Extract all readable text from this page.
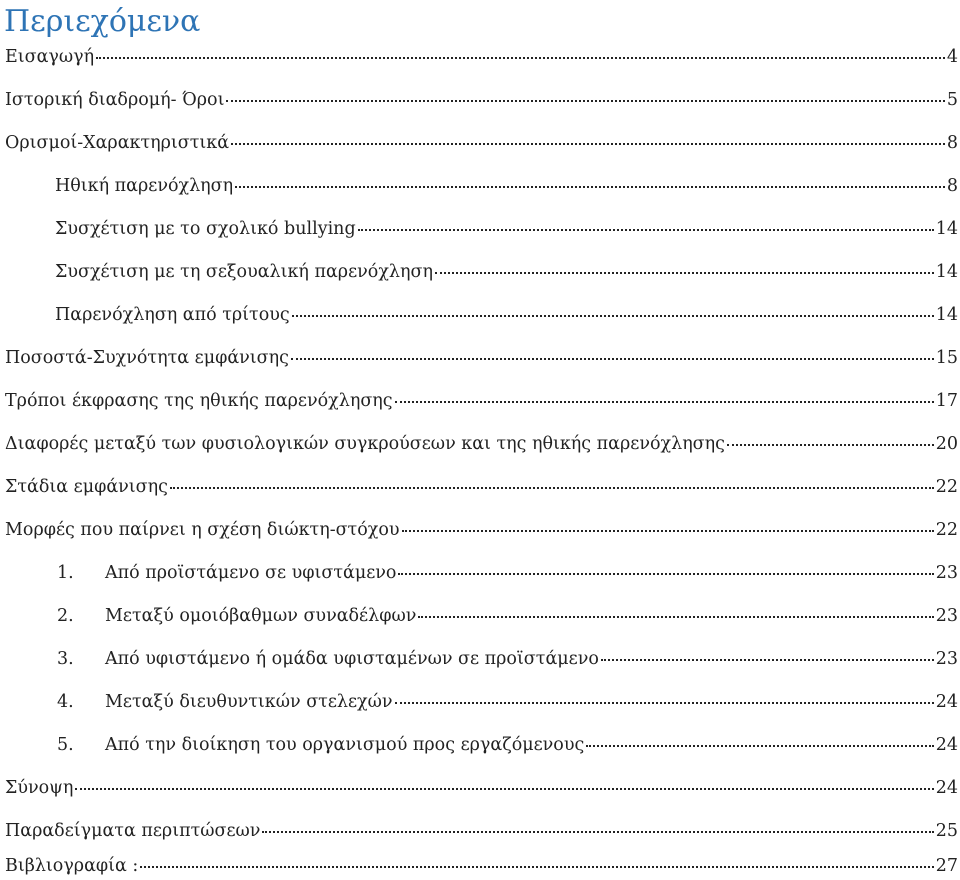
Περιεχόμενα
Εισαγωγή	4
Ιστορική διαδρομή- Όροι	5
Ορισμοί-Χαρακτηριστικά	8
Ηθική παρενόχληση	8
Συσχέτιση με το σχολικό bullying	14
Συσχέτιση με τη σεξουαλική παρενόχληση	14
Παρενόχληση από τρίτους	14
Ποσοστά-Συχνότητα εμφάνισης	15
Τρόποι έκφρασης της ηθικής παρενόχλησης	17
Διαφορές μεταξύ των φυσιολογικών συγκρούσεων και της ηθικής παρενόχλησης	20
Στάδια εμφάνισης	22
Μορφές που παίρνει η σχέση διώκτη-στόχου	22
1.	Από προϊστάμενο σε υφιστάμενο	23
2.	Μεταξύ ομοιόβαθμων συναδέλφων	23
3.	Από υφιστάμενο ή ομάδα υφισταμένων σε προϊστάμενο	23
4.	Μεταξύ διευθυντικών στελεχών	24
5.	Από την διοίκηση του οργανισμού προς εργαζόμενους	24
Σύνοψη	24
Παραδείγματα περιπτώσεων	25
Βιβλιογραφία :	27
